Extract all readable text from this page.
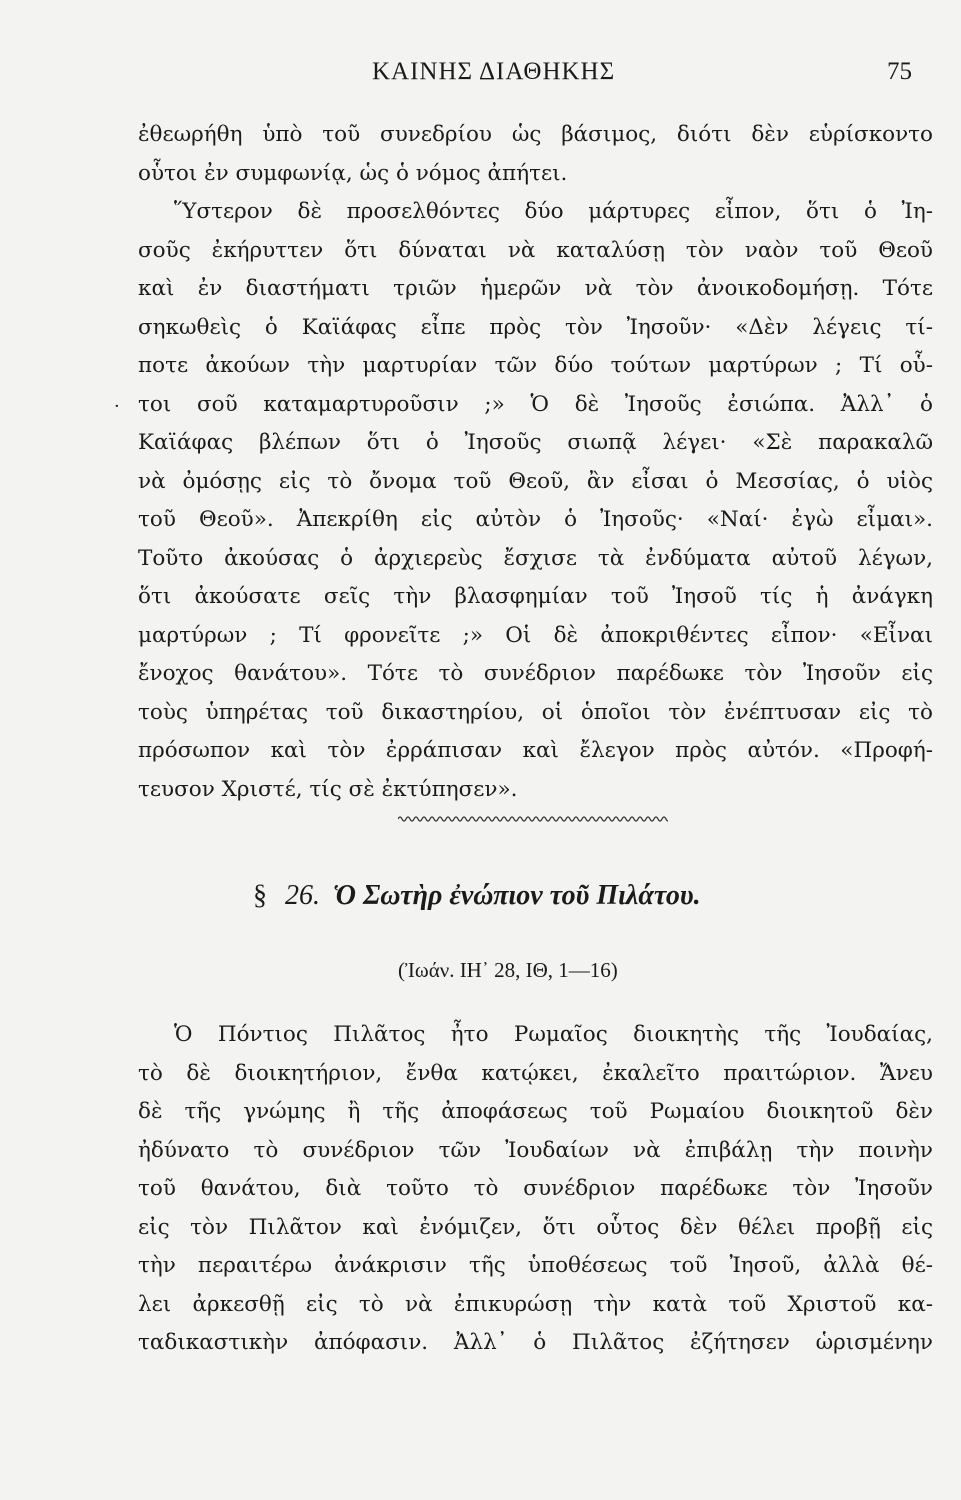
ΚΑΙΝΗΣ ΔΙΑΘΗΚΗΣ	75
ἐθεωρήθη ὑπὸ τοῦ συνεδρίου ὡς βάσιμος, διότι δὲν εὑρίσκοντο
οὗτοι ἐν συμφωνίᾳ, ὡς ὁ νόμος ἀπήτει.
Ὕστερον δὲ προσελθόντες δύο μάρτυρες εἶπον, ὅτι ὁ Ἰη-
σοῦς ἐκήρυττεν ὅτι δύναται νὰ καταλύσῃ τὸν ναὸν τοῦ Θεοῦ
καὶ ἐν διαστήματι τριῶν ἡμερῶν νὰ τὸν ἀνοικοδομήσῃ. Τότε
σηκωθεὶς ὁ Καϊάφας εἶπε πρὸς τὸν Ἰησοῦν· «Δὲν λέγεις τί-
ποτε ἀκούων τὴν μαρτυρίαν τῶν δύο τούτων μαρτύρων ; Τί οὗ-
τοι σοῦ καταμαρτυροῦσιν ;» Ὁ δὲ Ἰησοῦς ἐσιώπα. Ἀλλ᾽ ὁ
Καϊάφας βλέπων ὅτι ὁ Ἰησοῦς σιωπᾷ λέγει· «Σὲ παρακαλῶ
νὰ ὀμόσῃς εἰς τὸ ὄνομα τοῦ Θεοῦ, ἂν εἶσαι ὁ Μεσσίας, ὁ υἱὸς
τοῦ Θεοῦ». Ἀπεκρίθη εἰς αὐτὸν ὁ Ἰησοῦς· «Ναί· ἐγὼ εἶμαι».
Τοῦτο ἀκούσας ὁ ἀρχιερεὺς ἔσχισε τὰ ἐνδύματα αὐτοῦ λέγων,
ὅτι ἀκούσατε σεῖς τὴν βλασφημίαν τοῦ Ἰησοῦ τίς ἡ ἀνάγκη
μαρτύρων ; Τί φρονεῖτε ;» Οἱ δὲ ἀποκριθέντες εἶπον· «Εἶναι
ἔνοχος θανάτου». Τότε τὸ συνέδριον παρέδωκε τὸν Ἰησοῦν εἰς
τοὺς ὑπηρέτας τοῦ δικαστηρίου, οἱ ὁποῖοι τὸν ἐνέπτυσαν εἰς τὸ
πρόσωπον καὶ τὸν ἐρράπισαν καὶ ἔλεγον πρὸς αὐτόν. «Προφή-
τευσον Χριστέ, τίς σὲ ἐκτύπησεν».
·
§ 26. Ὁ Σωτὴρ ἐνώπιον τοῦ Πιλάτου.
(Ἰωάν. ΙΗ᾽ 28, ΙΘ, 1—16)
Ὁ Πόντιος Πιλᾶτος ἦτο Ρωμαῖος διοικητὴς τῆς Ἰουδαίας,
τὸ δὲ διοικητήριον, ἔνθα κατῴκει, ἐκαλεῖτο πραιτώριον. Ἄνευ
δὲ τῆς γνώμης ἢ τῆς ἀποφάσεως τοῦ Ρωμαίου διοικητοῦ δὲν
ἠδύνατο τὸ συνέδριον τῶν Ἰουδαίων νὰ ἐπιβάλῃ τὴν ποινὴν
τοῦ θανάτου, διὰ τοῦτο τὸ συνέδριον παρέδωκε τὸν Ἰησοῦν
εἰς τὸν Πιλᾶτον καὶ ἐνόμιζεν, ὅτι οὗτος δὲν θέλει προβῇ εἰς
τὴν περαιτέρω ἀνάκρισιν τῆς ὑποθέσεως τοῦ Ἰησοῦ, ἀλλὰ θέ-
λει ἀρκεσθῇ εἰς τὸ νὰ ἐπικυρώσῃ τὴν κατὰ τοῦ Χριστοῦ κα-
ταδικαστικὴν ἀπόφασιν. Ἀλλ᾽ ὁ Πιλᾶτος ἐζήτησεν ὡρισμένην
